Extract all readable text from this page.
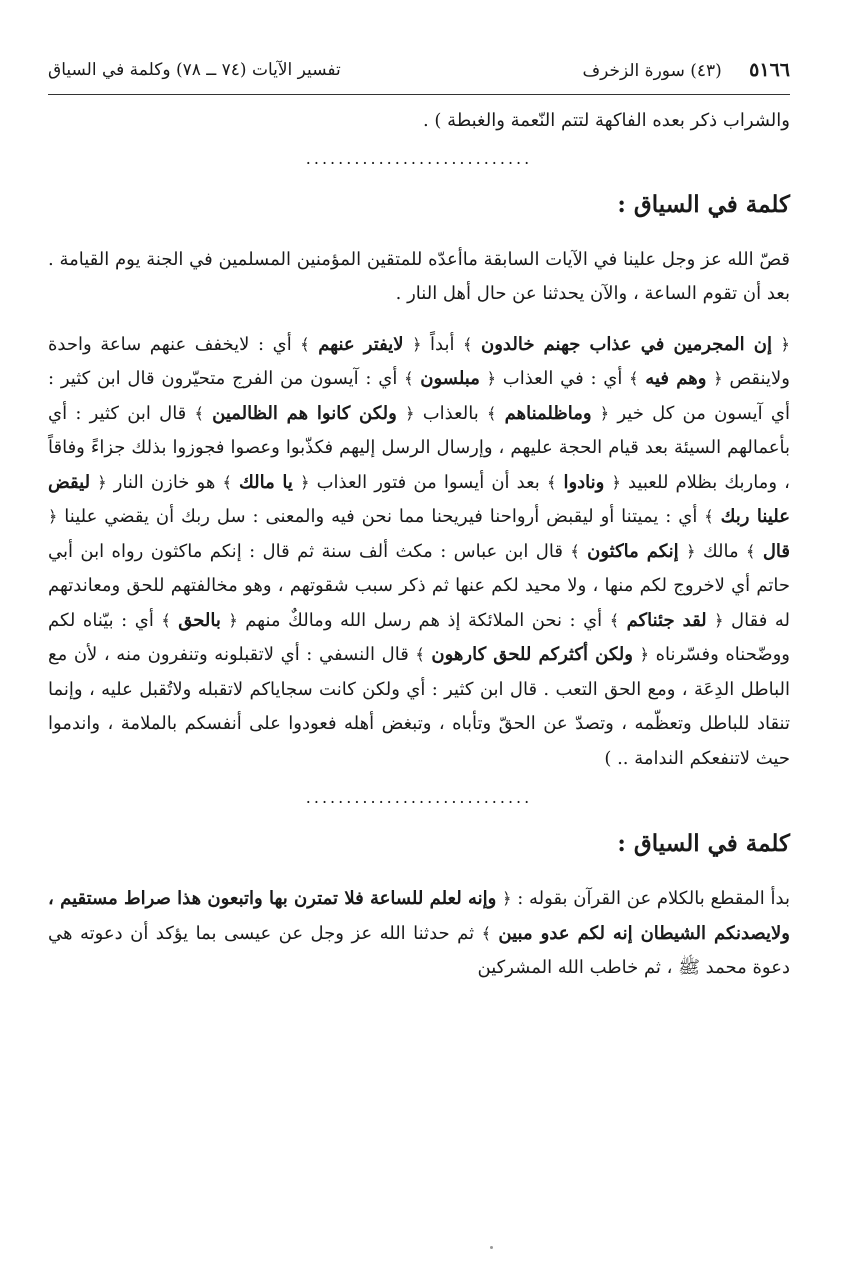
٥١٦٦ (٤٣) سورة الزخرف
تفسير الآيات (٧٤ ــ ٧٨) وكلمة في السياق

والشراب ذكر بعده الفاكهة لتتم النّعمة والغبطة ) .

............................
كلمة في السياق :

قصّ الله عز وجل علينا في الآيات السابقة ماأعدّه للمتقين المؤمنين المسلمين في الجنة يوم القيامة . بعد أن تقوم الساعة ، والآن يحدثنا عن حال أهل النار .

﴿ إن المجرمين في عذاب جهنم خالدون ﴾ أبداً ﴿ لايفتر عنهم ﴾ أي : لايخفف عنهم ساعة واحدة ولاينقص ﴿ وهم فيه ﴾ أي : في العذاب ﴿ مبلسون ﴾ أي : آيسون من الفرج متحيّرون قال ابن كثير : أي آيسون من كل خير ﴿ وماظلمناهم ﴾ بالعذاب ﴿ ولكن كانوا هم الظالمين ﴾ قال ابن كثير : أي بأعمالهم السيئة بعد قيام الحجة عليهم ، وإرسال الرسل إليهم فكذّبوا وعصوا فجوزوا بذلك جزاءً وفاقاً ، وماربك بظلام للعبيد ﴿ ونادوا ﴾ بعد أن أيسوا من فتور العذاب ﴿ يا مالك ﴾ هو خازن النار ﴿ ليقض علينا ربك ﴾ أي : يميتنا أو ليقبض أرواحنا فيريحنا مما نحن فيه والمعنى : سل ربك أن يقضي علينا ﴿ قال ﴾ مالك ﴿ إنكم ماكثون ﴾ قال ابن عباس : مكث ألف سنة ثم قال : إنكم ماكثون رواه ابن أبي حاتم أي لاخروج لكم منها ، ولا محيد لكم عنها ثم ذكر سبب شقوتهم ، وهو مخالفتهم للحق ومعاندتهم له فقال ﴿ لقد جئناكم ﴾ أي : نحن الملائكة إذ هم رسل الله ومالكٌ منهم ﴿ بالحق ﴾ أي : بيّناه لكم ووضّحناه وفسّرناه ﴿ ولكن أكثركم للحق كارهون ﴾ قال النسفي : أي لاتقبلونه وتنفرون منه ، لأن مع الباطل الدِعَة ، ومع الحق التعب . قال ابن كثير : أي ولكن كانت سجاياكم لاتقبله ولاتُقبل عليه ، وإنما تنقاد للباطل وتعظّمه ، وتصدّ عن الحقّ وتأباه ، وتبغض أهله فعودوا على أنفسكم بالملامة ، واندموا حيث لاتنفعكم الندامة .. )

............................
كلمة في السياق :

بدأ المقطع بالكلام عن القرآن بقوله : ﴿ وإنه لعلم للساعة فلا تمترن بها واتبعون هذا صراط مستقيم ، ولايصدنكم الشيطان إنه لكم عدو مبين ﴾ ثم حدثنا الله عز وجل عن عيسى بما يؤكد أن دعوته هي دعوة محمد ﷺ ، ثم خاطب الله المشركين
